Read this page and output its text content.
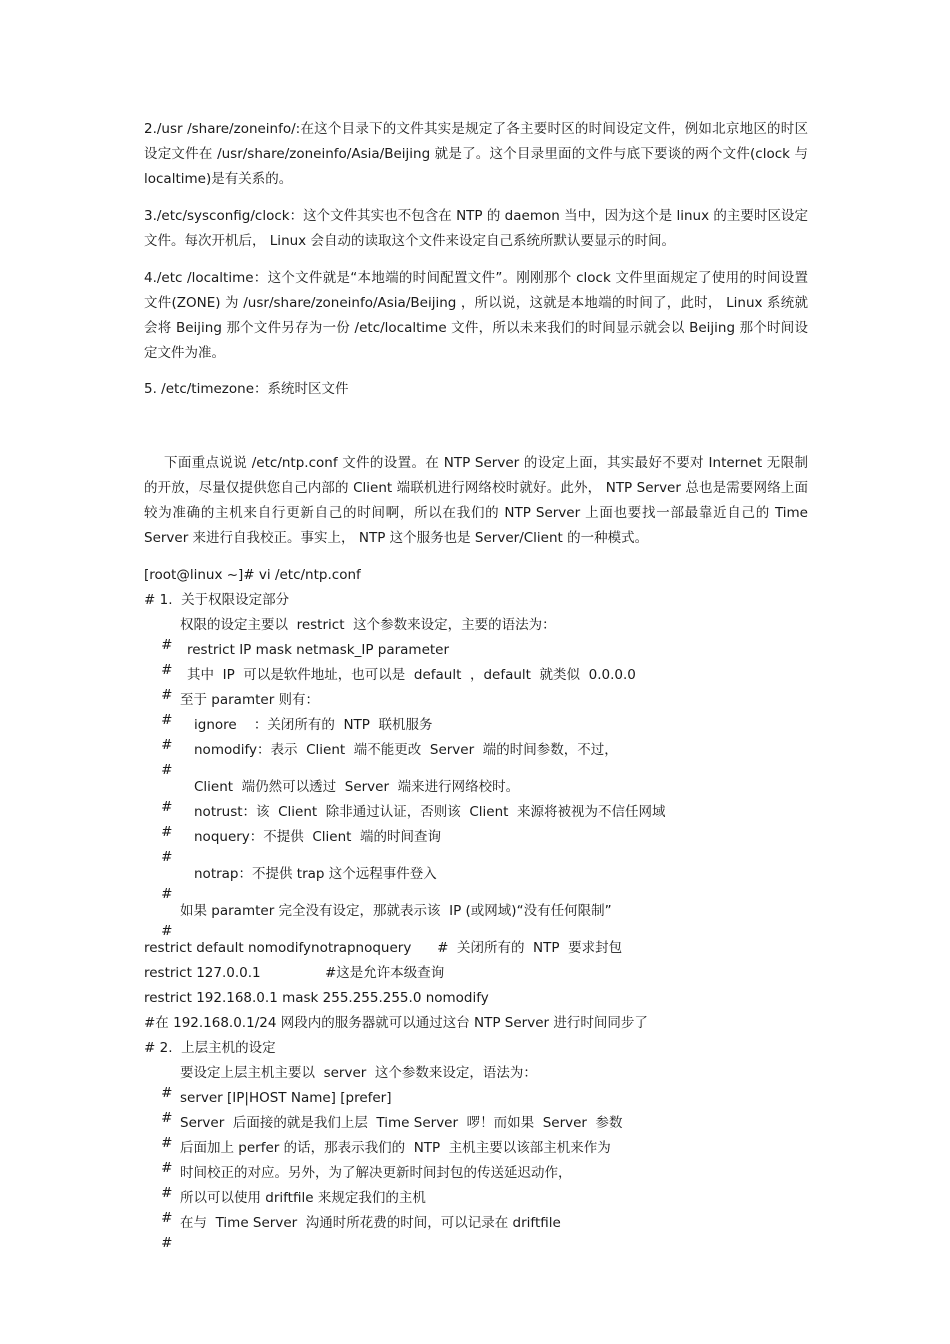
2./usr /share/zoneinfo/:在这个目录下的文件其实是规定了各主要时区的时间设定文件，例如北京地区的时区设定文件在 /usr/share/zoneinfo/Asia/Beijing 就是了。这个目录里面的文件与底下要谈的两个文件(clock 与 localtime)是有关系的。

3./etc/sysconfig/clock：这个文件其实也不包含在 NTP 的 daemon 当中，因为这个是 linux 的主要时区设定文件。每次开机后， Linux 会自动的读取这个文件来设定自己系统所默认要显示的时间。

4./etc /localtime：这个文件就是“本地端的时间配置文件”。刚刚那个 clock 文件里面规定了使用的时间设置文件(ZONE) 为 /usr/share/zoneinfo/Asia/Beijing ，所以说，这就是本地端的时间了，此时， Linux 系统就会将 Beijing 那个文件另存为一份 /etc/localtime 文件，所以未来我们的时间显示就会以 Beijing 那个时间设定文件为准。

5. /etc/timezone：系统时区文件

下面重点说说 /etc/ntp.conf 文件的设置。在 NTP Server 的设定上面，其实最好不要对 Internet 无限制的开放，尽量仅提供您自己内部的 Client 端联机进行网络校时就好。此外， NTP Server 总也是需要网络上面较为准确的主机来自行更新自己的时间啊，所以在我们的 NTP Server 上面也要找一部最靠近自己的 Time Server 来进行自我校正。事实上， NTP 这个服务也是 Server/Client 的一种模式。

[root@linux ~]# vi /etc/ntp.conf
# 1.  关于权限设定部分

#
权限的设定主要以  restrict  这个参数来设定，主要的语法为：

#
restrict IP mask netmask_IP parameter

#
其中  IP  可以是软件地址，也可以是  default  ，default  就类似  0.0.0.0

#
至于 paramter 则有：

#
ignore    ：关闭所有的  NTP  联机服务

#
nomodify：表示  Client  端不能更改  Server  端的时间参数，不过，

#
Client  端仍然可以透过  Server  端来进行网络校时。

#
notrust：该  Client  除非通过认证，否则该  Client  来源将被视为不信任网域

#
noquery：不提供  Client  端的时间查询

#
notrap：不提供 trap 这个远程事件登入

#
如果 paramter 完全没有设定，那就表示该  IP (或网域)“没有任何限制”

restrict default nomodifynotrapnoquery      #  关闭所有的  NTP  要求封包
restrict 127.0.0.1               #这是允许本级查询
restrict 192.168.0.1 mask 255.255.255.0 nomodify
#在 192.168.0.1/24 网段内的服务器就可以通过这台 NTP Server 进行时间同步了
# 2.  上层主机的设定

#
要设定上层主机主要以  server  这个参数来设定，语法为：

#
server [IP|HOST Name] [prefer]

#
Server  后面接的就是我们上层  Time Server  啰！而如果  Server  参数

#
后面加上 perfer 的话，那表示我们的  NTP  主机主要以该部主机来作为

#
时间校正的对应。另外，为了解决更新时间封包的传送延迟动作，

#
所以可以使用 driftfile 来规定我们的主机

#
在与  Time Server  沟通时所花费的时间，可以记录在 driftfile
